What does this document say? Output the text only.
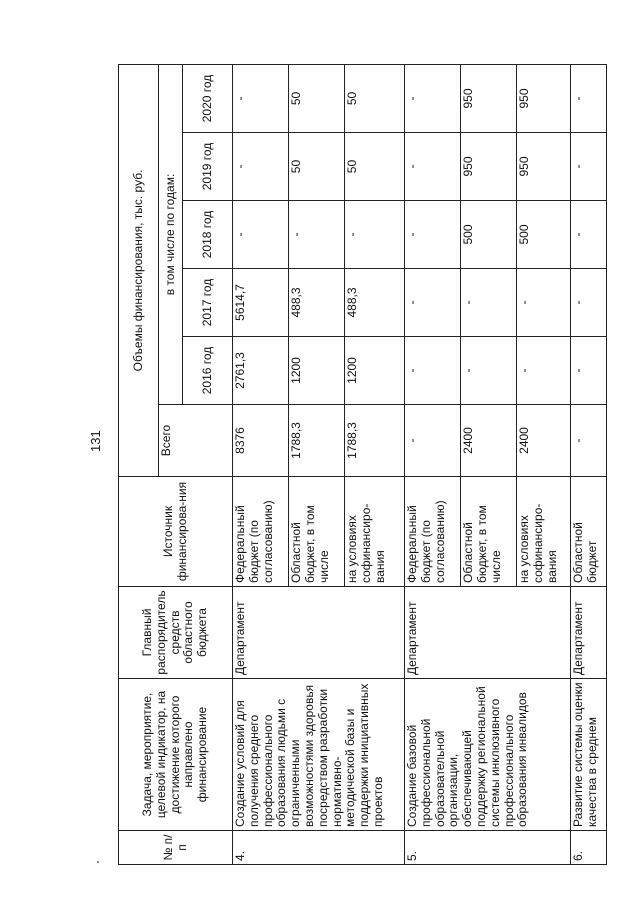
131
№ п/п	Задача, мероприятие, целевой индикатор, на достижение которого направлено финансирование	Главный распорядитель средств областного бюджета	Источник финансирова-ния	Объемы финансирования, тыс. руб.					
				Всего	в том числе по годам:				
					2016 год	2017 год	2018 год	2019 год	2020 год
4.	Создание условий для получения среднего профессионального образования людьми с ограниченными возможностями здоровья посредством разработки нормативно-методической базы и поддержки инициативных проектов	Департамент	Федеральный бюджет (по согласованию)	8376	2761,3	5614,7	-	-	-
			Областной бюджет, в том числе	1788,3	1200	488,3	-	50	50
			на условиях софинансиро-вания	1788,3	1200	488,3	-	50	50
5.	Создание базовой профессиональной образовательной организации, обеспечивающей поддержку региональной системы инклюзивного профессионального образования инвалидов	Департамент	Федеральный бюджет (по согласованию)	-	-	-	-	-	-
			Областной бюджет, в том числе	2400	-	-	500	950	950
			на условиях софинансиро-вания	2400	-	-	500	950	950
6.	Развитие системы оценки качества в среднем	Департамент	Областной бюджет	-	-	-	-	-	-
